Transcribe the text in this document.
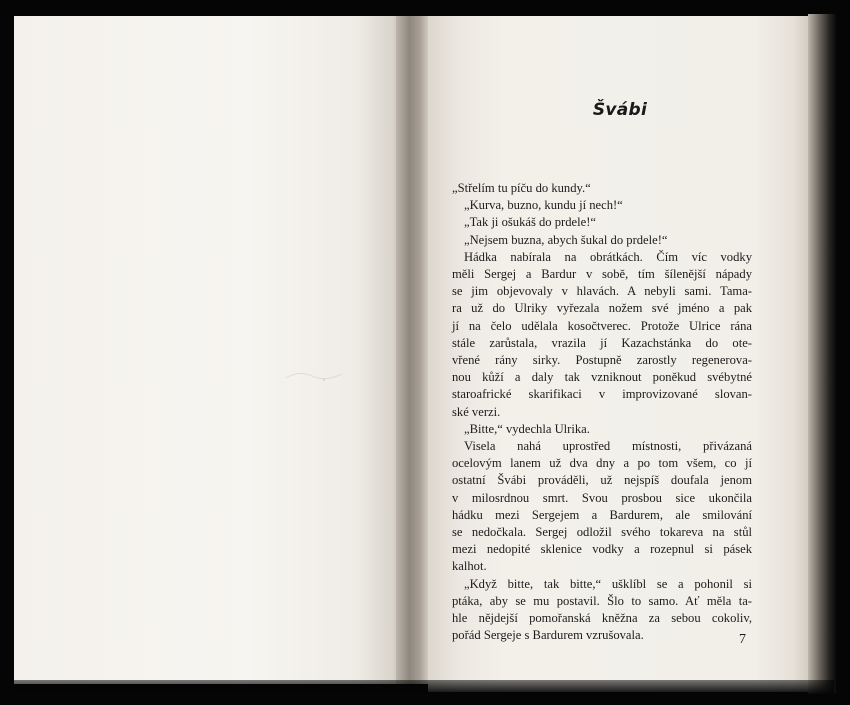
Švábi
„Střelím tu píču do kundy.“
„Kurva, buzno, kundu jí nech!“
„Tak ji ošukáš do prdele!“
„Nejsem buzna, abych šukal do prdele!“
Hádka nabírala na obrátkách. Čím víc vodky
měli Sergej a Bardur v sobě, tím šílenější nápady
se jim objevovaly v hlavách. A nebyli sami. Tama-
ra už do Ulriky vyřezala nožem své jméno a pak
jí na čelo udělala kosočtverec. Protože Ulrice rána
stále zarůstala, vrazila jí Kazachstánka do ote-
vřené rány sirky. Postupně zarostly regenerova-
nou kůží a daly tak vzniknout poněkud svébytné
staroafrické skarifikaci v improvizované slovan-
ské verzi.
„Bitte,“ vydechla Ulrika.
Visela nahá uprostřed místnosti, přivázaná
ocelovým lanem už dva dny a po tom všem, co jí
ostatní Švábi prováděli, už nejspíš doufala jenom
v milosrdnou smrt. Svou prosbou sice ukončila
hádku mezi Sergejem a Bardurem, ale smilování
se nedočkala. Sergej odložil svého tokareva na stůl
mezi nedopité sklenice vodky a rozepnul si pásek
kalhot.
„Když bitte, tak bitte,“ ušklíbl se a pohonil si
ptáka, aby se mu postavil. Šlo to samo. Ať měla ta-
hle nějdejší pomořanská kněžna za sebou cokoliv,
pořád Sergeje s Bardurem vzrušovala.	7
